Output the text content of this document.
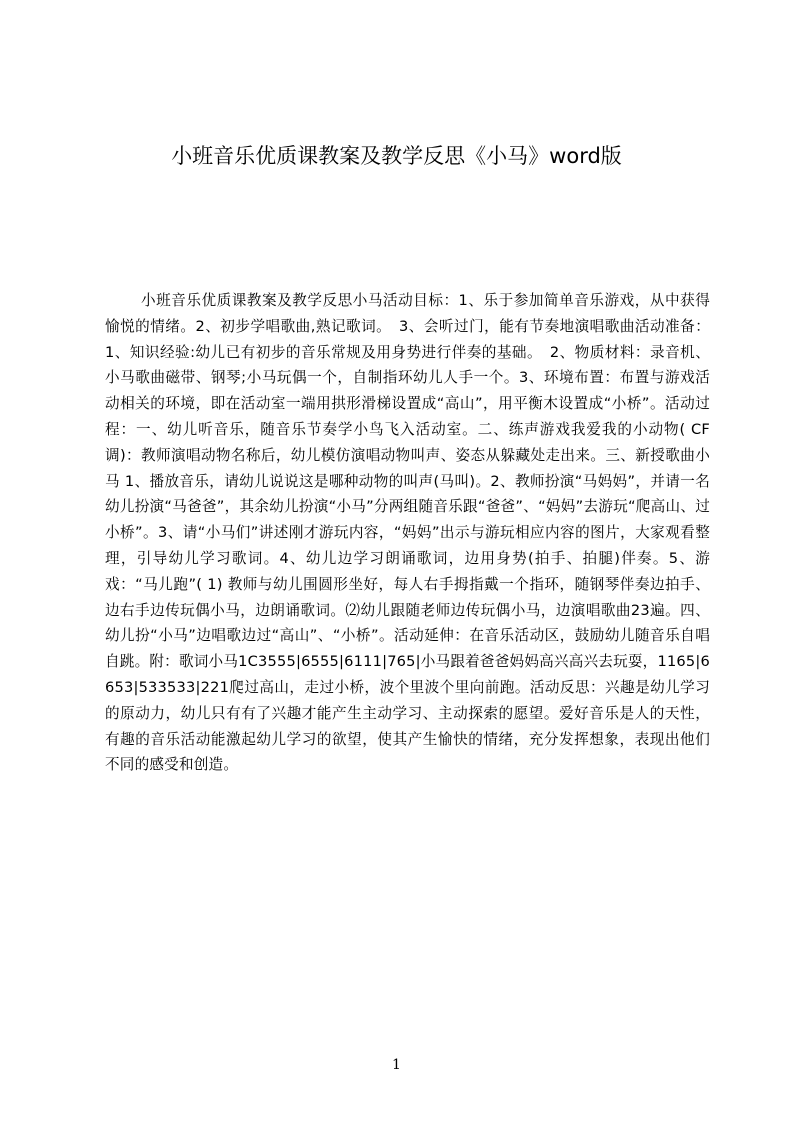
小班音乐优质课教案及教学反思《小马》word版

小班音乐优质课教案及教学反思小马活动目标：1、乐于参加简单音乐游戏，从中获得愉悦的情绪。2、初步学唱歌曲,熟记歌词。　3、会听过门，能有节奏地演唱歌曲活动准备：1、知识经验:幼儿已有初步的音乐常规及用身势进行伴奏的基础。　2、物质材料：录音机、小马歌曲磁带、钢琴;小马玩偶一个，自制指环幼儿人手一个。3、环境布置：布置与游戏活动相关的环境，即在活动室一端用拱形滑梯设置成“高山”，用平衡木设置成“小桥”。活动过程：一、幼儿听音乐，随音乐节奏学小鸟飞入活动室。二、练声游戏我爱我的小动物( CF调)：教师演唱动物名称后，幼儿模仿演唱动物叫声、姿态从躲藏处走出来。三、新授歌曲小马 1、播放音乐，请幼儿说说这是哪种动物的叫声(马叫)。2、教师扮演“马妈妈”，并请一名幼儿扮演“马爸爸”，其余幼儿扮演“小马”分两组随音乐跟“爸爸”、“妈妈”去游玩“爬高山、过小桥”。3、请“小马们”讲述刚才游玩内容，“妈妈”出示与游玩相应内容的图片，大家观看整理，引导幼儿学习歌词。4、幼儿边学习朗诵歌词，边用身势(拍手、拍腿)伴奏。5、游戏：“马儿跑”( 1) 教师与幼儿围圆形坐好，每人右手拇指戴一个指环，随钢琴伴奏边拍手、边右手边传玩偶小马，边朗诵歌词。⑵幼儿跟随老师边传玩偶小马，边演唱歌曲23遍。四、幼儿扮“小马”边唱歌边过“高山”、“小桥”。活动延伸：在音乐活动区，鼓励幼儿随音乐自唱自跳。附：歌词小马1C3555|6555|6111|765|小马跟着爸爸妈妈高兴高兴去玩耍，1165|6653|533533|221爬过高山，走过小桥，波个里波个里向前跑。活动反思：兴趣是幼儿学习的原动力，幼儿只有有了兴趣才能产生主动学习、主动探索的愿望。爱好音乐是人的天性，有趣的音乐活动能激起幼儿学习的欲望，使其产生愉快的情绪，充分发挥想象，表现出他们不同的感受和创造。

1
